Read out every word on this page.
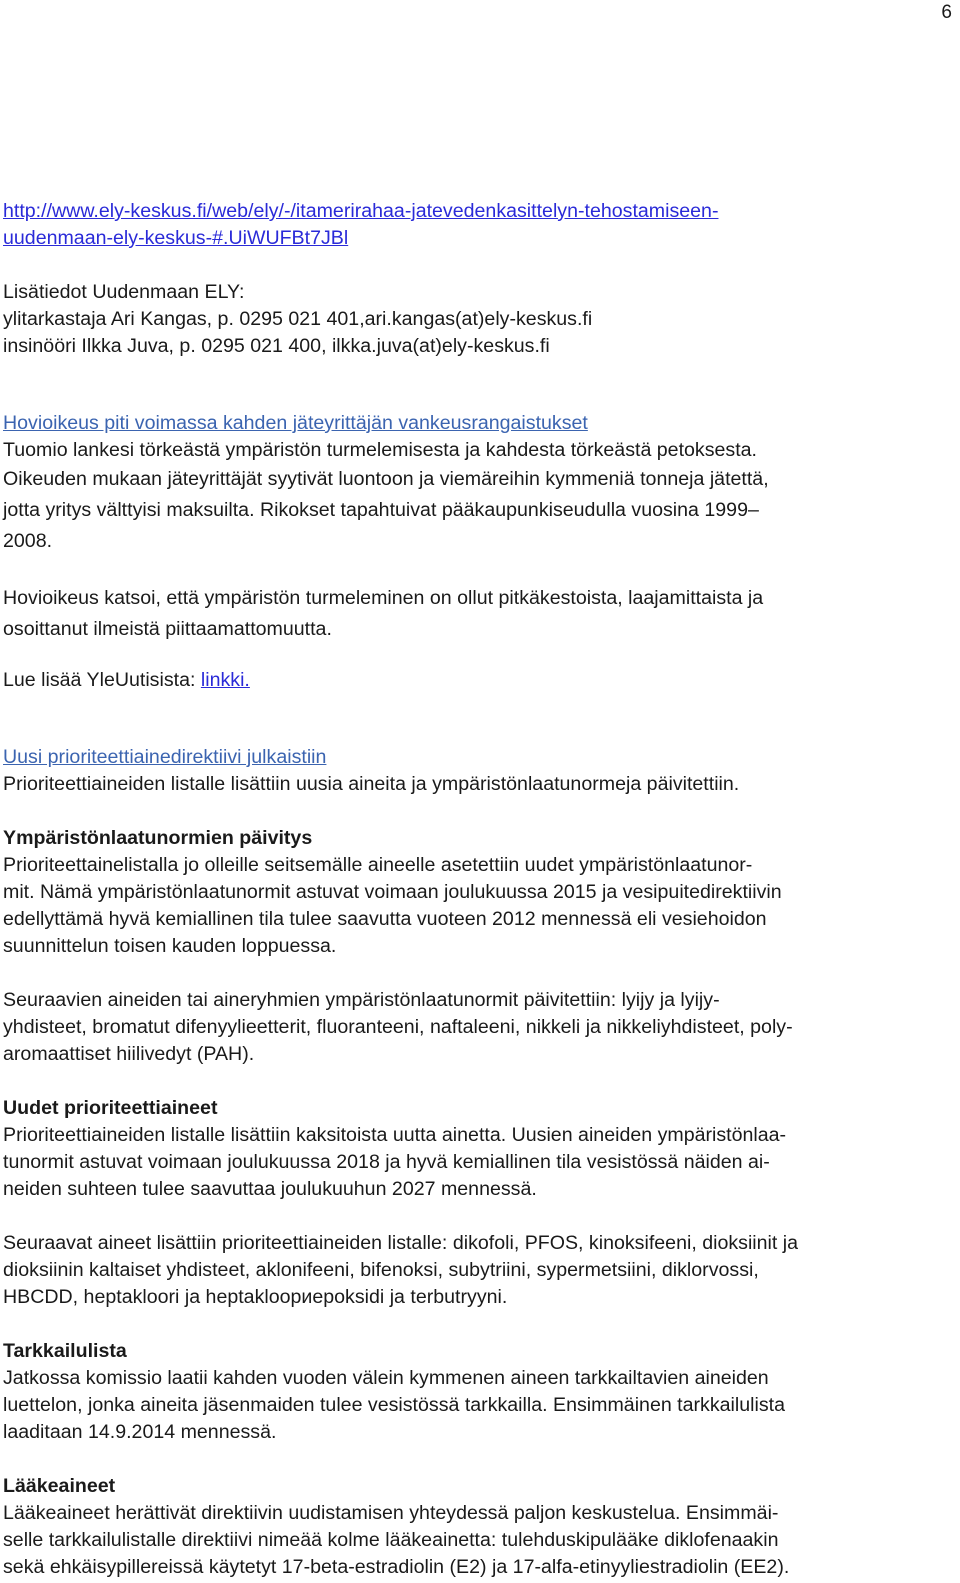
6
http://www.ely-keskus.fi/web/ely/-/itamerirahaa-jatevedenkasittelyn-tehostamiseen-
uudenmaan-ely-keskus-#.UiWUFBt7JBl
Lisätiedot Uudenmaan ELY:
ylitarkastaja Ari Kangas, p. 0295 021 401,ari.kangas(at)ely-keskus.fi
insinööri Ilkka Juva, p. 0295 021 400, ilkka.juva(at)ely-keskus.fi
Hovioikeus piti voimassa kahden jäteyrittäjän vankeusrangaistukset
Tuomio lankesi törkeästä ympäristön turmelemisesta ja kahdesta törkeästä petoksesta.
Oikeuden mukaan jäteyrittäjät syytivät luontoon ja viemäreihin kymmeniä tonneja jätettä,
jotta yritys välttyisi maksuilta. Rikokset tapahtuivat pääkaupunkiseudulla vuosina 1999–
2008.
Hovioikeus katsoi, että ympäristön turmeleminen on ollut pitkäkestoista, laajamittaista ja
osoittanut ilmeistä piittaamattomuutta.
Lue lisää YleUutisista: linkki.
Uusi prioriteettiainedirektiivi julkaistiin
Prioriteettiaineiden listalle lisättiin uusia aineita ja ympäristönlaatunormeja päivitettiin.
Ympäristönlaatunormien päivitys
Prioriteettainelistalla jo olleille seitsemälle aineelle asetettiin uudet ympäristönlaatunor-
mit. Nämä ympäristönlaatunormit astuvat voimaan joulukuussa 2015 ja vesipuitedirektiivin
edellyttämä hyvä kemiallinen tila tulee saavutta vuoteen 2012 mennessä eli vesiehoidon
suunnittelun toisen kauden loppuessa.
Seuraavien aineiden tai aineryhmien ympäristönlaatunormit päivitettiin: lyijy ja lyijy-
yhdisteet, bromatut difenyylieetterit, fluoranteeni, naftaleeni, nikkeli ja nikkeliyhdisteet, poly-
aromaattiset hiilivedyt (PAH).
Uudet prioriteettiaineet
Prioriteettiaineiden listalle lisättiin kaksitoista uutta ainetta. Uusien aineiden ympäristönlaa-
tunormit astuvat voimaan joulukuussa 2018 ja hyvä kemiallinen tila vesistössä näiden ai-
neiden suhteen tulee saavuttaa joulukuuhun 2027 mennessä.
Seuraavat aineet lisättiin prioriteettiaineiden listalle: dikofoli, PFOS, kinoksifeeni, dioksiinit ja
dioksiinin kaltaiset yhdisteet, aklonifeeni, bifenoksi, subytriini, sypermetsiini, diklorvossi,
HBCDD, heptakloori ja heptakloориepoksidi ja terbutryyni.
Tarkkailulista
Jatkossa komissio laatii kahden vuoden välein kymmenen aineen tarkkailtavien aineiden
luettelon, jonka aineita jäsenmaiden tulee vesistössä tarkkailla. Ensimmäinen tarkkailulista
laaditaan 14.9.2014 mennessä.
Lääkeaineet
Lääkeaineet herättivät direktiivin uudistamisen yhteydessä paljon keskustelua. Ensimmäi-
selle tarkkailulistalle direktiivi nimeää kolme lääkeainetta: tulehduskipulääke diklofenaakin
sekä ehkäisypillereissä käytetyt 17-beta-estradiolin (E2) ja 17-alfa-etinyyliestradiolin (EE2).
